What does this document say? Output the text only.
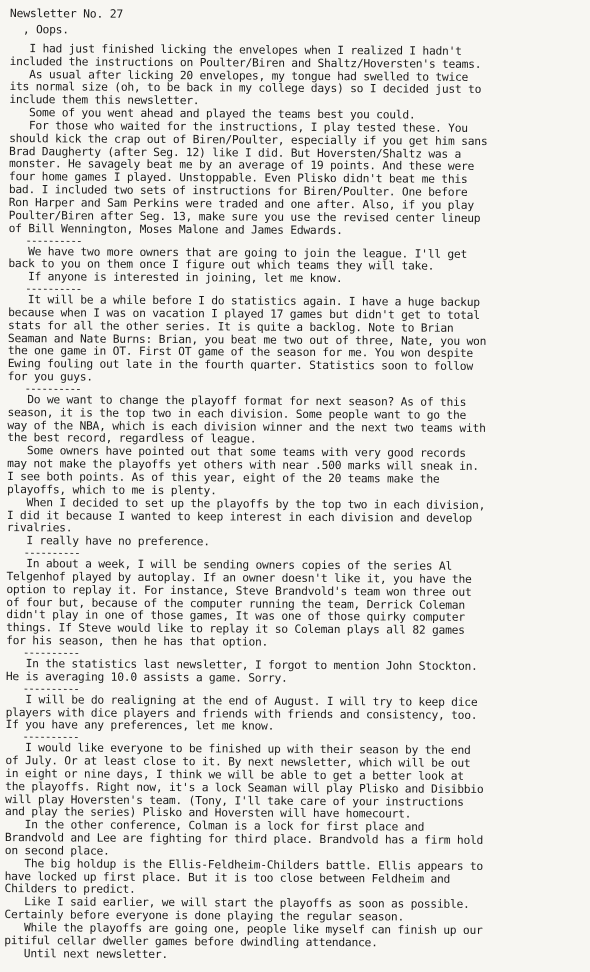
Newsletter No. 27
, Oops.
I had just finished licking the envelopes when I realized I hadn't
included the instructions on Poulter/Biren and Shaltz/Hoversten's teams.
As usual after licking 20 envelopes, my tongue had swelled to twice
its normal size (oh, to be back in my college days) so I decided just to
include them this newsletter.
Some of you went ahead and played the teams best you could.
For those who waited for the instructions, I play tested these. You
should kick the crap out of Biren/Poulter, especially if you get him sans
Brad Daugherty (after Seg. 12) like I did. But Hoversten/Shaltz was a
monster. He savagely beat me by an average of 19 points. And these were
four home games I played. Unstoppable. Even Plisko didn't beat me this
bad. I included two sets of instructions for Biren/Poulter. One before
Ron Harper and Sam Perkins were traded and one after. Also, if you play
Poulter/Biren after Seg. 13, make sure you use the revised center lineup
of Bill Wennington, Moses Malone and James Edwards.
----------
We have two more owners that are going to join the league. I'll get
back to you on them once I figure out which teams they will take.
If anyone is interested in joining, let me know.
----------
It will be a while before I do statistics again. I have a huge backup
because when I was on vacation I played 17 games but didn't get to total
stats for all the other series. It is quite a backlog. Note to Brian
Seaman and Nate Burns: Brian, you beat me two out of three, Nate, you won
the one game in OT. First OT game of the season for me. You won despite
Ewing fouling out late in the fourth quarter. Statistics soon to follow
for you guys.
----------
Do we want to change the playoff format for next season? As of this
season, it is the top two in each division. Some people want to go the
way of the NBA, which is each division winner and the next two teams with
the best record, regardless of league.
Some owners have pointed out that some teams with very good records
may not make the playoffs yet others with near .500 marks will sneak in.
I see both points. As of this year, eight of the 20 teams make the
playoffs, which to me is plenty.
When I decided to set up the playoffs by the top two in each division,
I did it because I wanted to keep interest in each division and develop
rivalries.
I really have no preference.
----------
In about a week, I will be sending owners copies of the series Al
Telgenhof played by autoplay. If an owner doesn't like it, you have the
option to replay it. For instance, Steve Brandvold's team won three out
of four but, because of the computer running the team, Derrick Coleman
didn't play in one of those games, It was one of those quirky computer
things. If Steve would like to replay it so Coleman plays all 82 games
for his season, then he has that option.
----------
In the statistics last newsletter, I forgot to mention John Stockton.
He is averaging 10.0 assists a game. Sorry.
----------
I will be do realigning at the end of August. I will try to keep dice
players with dice players and friends with friends and consistency, too.
If you have any preferences, let me know.
----------
I would like everyone to be finished up with their season by the end
of July. Or at least close to it. By next newsletter, which will be out
in eight or nine days, I think we will be able to get a better look at
the playoffs. Right now, it's a lock Seaman will play Plisko and Disibbio
will play Hoversten's team. (Tony, I'll take care of your instructions
and play the series) Plisko and Hoversten will have homecourt.
In the other conference, Colman is a lock for first place and
Brandvold and Lee are fighting for third place. Brandvold has a firm hold
on second place.
The big holdup is the Ellis-Feldheim-Childers battle. Ellis appears to
have locked up first place. But it is too close between Feldheim and
Childers to predict.
Like I said earlier, we will start the playoffs as soon as possible.
Certainly before everyone is done playing the regular season.
While the playoffs are going one, people like myself can finish up our
pitiful cellar dweller games before dwindling attendance.
Until next newsletter.
